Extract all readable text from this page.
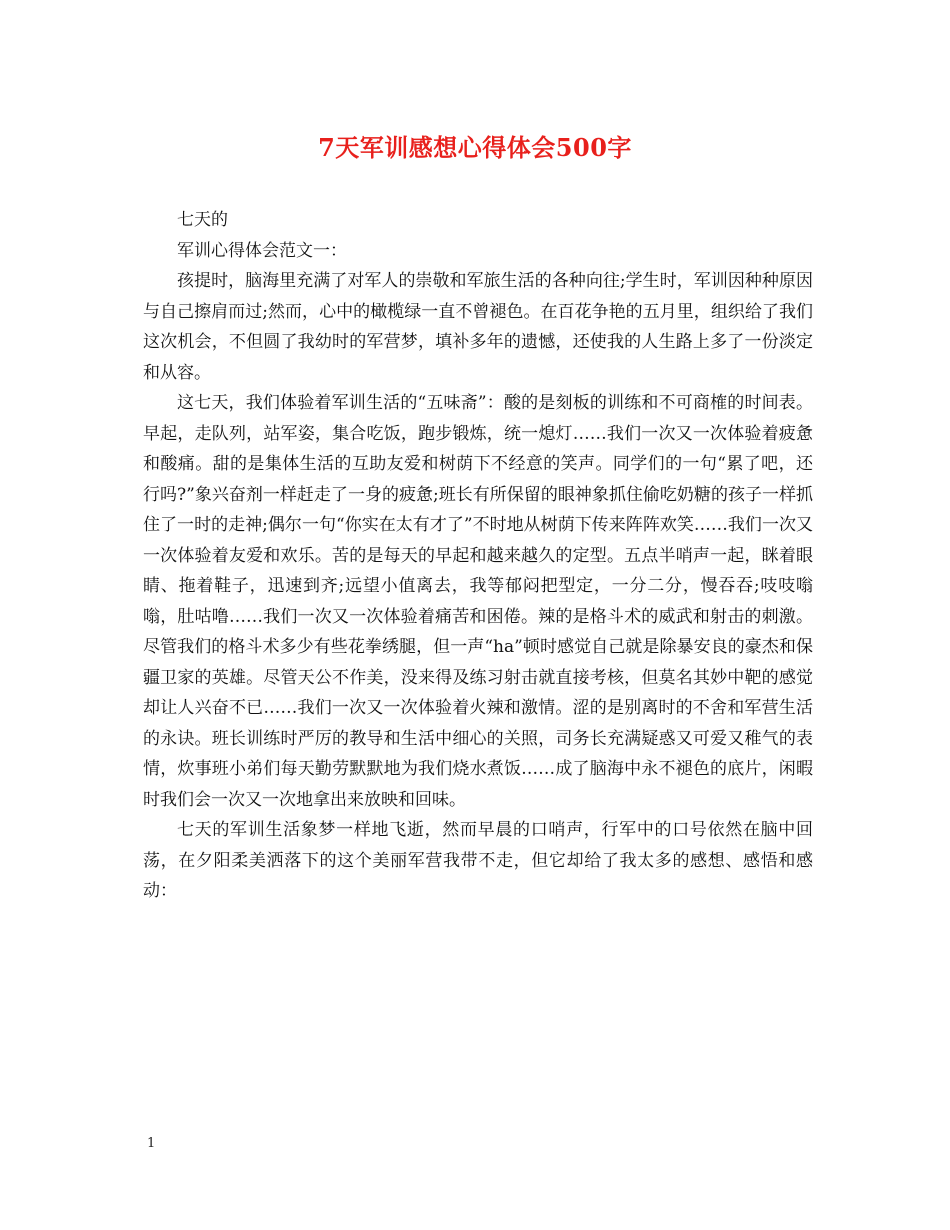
7天军训感想心得体会500字

七天的

军训心得体会范文一：

孩提时，脑海里充满了对军人的崇敬和军旅生活的各种向往;学生时，军训因种种原因与自己擦肩而过;然而，心中的橄榄绿一直不曾褪色。在百花争艳的五月里，组织给了我们这次机会，不但圆了我幼时的军营梦，填补多年的遗憾，还使我的人生路上多了一份淡定和从容。

这七天，我们体验着军训生活的“五味斋”：酸的是刻板的训练和不可商榷的时间表。早起，走队列，站军姿，集合吃饭，跑步锻炼，统一熄灯……我们一次又一次体验着疲惫和酸痛。甜的是集体生活的互助友爱和树荫下不经意的笑声。同学们的一句“累了吧，还行吗?”象兴奋剂一样赶走了一身的疲惫;班长有所保留的眼神象抓住偷吃奶糖的孩子一样抓住了一时的走神;偶尔一句“你实在太有才了”不时地从树荫下传来阵阵欢笑……我们一次又一次体验着友爱和欢乐。苦的是每天的早起和越来越久的定型。五点半哨声一起，眯着眼睛、拖着鞋子，迅速到齐;远望小值离去，我等郁闷把型定，一分二分，慢吞吞;吱吱嗡嗡，肚咕噜……我们一次又一次体验着痛苦和困倦。辣的是格斗术的威武和射击的刺激。尽管我们的格斗术多少有些花拳绣腿，但一声“ha”顿时感觉自己就是除暴安良的豪杰和保疆卫家的英雄。尽管天公不作美，没来得及练习射击就直接考核，但莫名其妙中靶的感觉却让人兴奋不已……我们一次又一次体验着火辣和激情。涩的是别离时的不舍和军营生活的永诀。班长训练时严厉的教导和生活中细心的关照，司务长充满疑惑又可爱又稚气的表情，炊事班小弟们每天勤劳默默地为我们烧水煮饭……成了脑海中永不褪色的底片，闲暇时我们会一次又一次地拿出来放映和回味。

七天的军训生活象梦一样地飞逝，然而早晨的口哨声，行军中的口号依然在脑中回荡，在夕阳柔美洒落下的这个美丽军营我带不走，但它却给了我太多的感想、感悟和感动：

1
